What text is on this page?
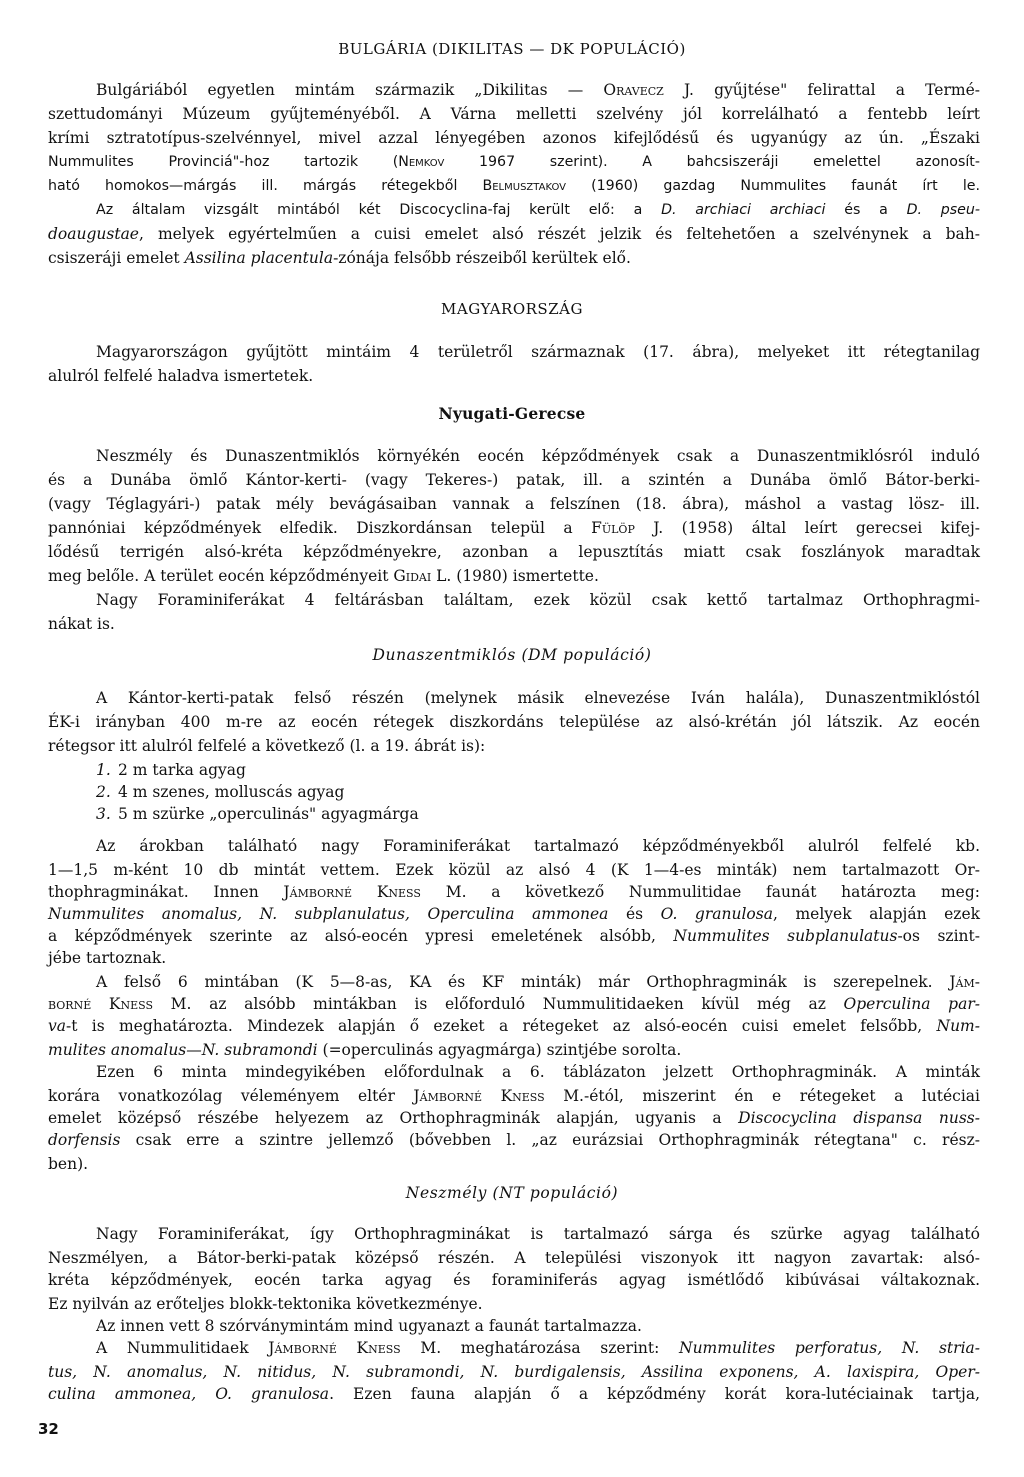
BULGÁRIA (DIKILITAS — DK POPULÁCIÓ)
Bulgáriából egyetlen mintám származik „Dikilitas — Oravecz J. gyűjtése" felirattal a Termé-
szettudományi Múzeum gyűjteményéből. A Várna melletti szelvény jól korrelálható a fentebb leírt
krími sztratotípus-szelvénnyel, mivel azzal lényegében azonos kifejlődésű és ugyanúgy az ún. „Északi
Nummulites Provinciá"-hoz tartozik (Nemkov 1967 szerint). A bahcsiszeráji emelettel azonosít-
ható homokos—márgás ill. márgás rétegekből Belmusztakov (1960) gazdag Nummulites faunát írt le.
Az általam vizsgált mintából két Discocyclina-faj került elő: a D. archiaci archiaci és a D. pseu-
doaugustae, melyek egyértelműen a cuisi emelet alsó részét jelzik és feltehetően a szelvénynek a bah-
csiszeráji emelet Assilina placentula-zónája felsőbb részeiből kerültek elő.
MAGYARORSZÁG
Magyarországon gyűjtött mintáim 4 területről származnak (17. ábra), melyeket itt rétegtanilag
alulról felfelé haladva ismertetek.
Nyugati-Gerecse
Neszmély és Dunaszentmiklós környékén eocén képződmények csak a Dunaszentmiklósról induló
és a Dunába ömlő Kántor-kerti- (vagy Tekeres-) patak, ill. a szintén a Dunába ömlő Bátor-berki-
(vagy Téglagyári-) patak mély bevágásaiban vannak a felszínen (18. ábra), máshol a vastag lösz- ill.
pannóniai képződmények elfedik. Diszkordánsan települ a Fülöp J. (1958) által leírt gerecsei kifej-
lődésű terrigén alsó-kréta képződményekre, azonban a lepusztítás miatt csak foszlányok maradtak
meg belőle. A terület eocén képződményeit Gidai L. (1980) ismertette.
Nagy Foraminiferákat 4 feltárásban találtam, ezek közül csak kettő tartalmaz Orthophragmi-
nákat is.
Dunaszentmiklós (DM populáció)
A Kántor-kerti-patak felső részén (melynek másik elnevezése Iván halála), Dunaszentmiklóstól
ÉK-i irányban 400 m-re az eocén rétegek diszkordáns települése az alsó-krétán jól látszik. Az eocén
rétegsor itt alulról felfelé a következő (l. a 19. ábrát is):
1. 2 m tarka agyag
2. 4 m szenes, molluscás agyag
3. 5 m szürke „operculinás" agyagmárga
Az árokban található nagy Foraminiferákat tartalmazó képződményekből alulról felfelé kb.
1—1,5 m-ként 10 db mintát vettem. Ezek közül az alsó 4 (K 1—4-es minták) nem tartalmazott Or-
thophragminákat. Innen Jámborné Kness M. a következő Nummulitidae faunát határozta meg:
Nummulites anomalus, N. subplanulatus, Operculina ammonea és O. granulosa, melyek alapján ezek
a képződmények szerinte az alsó-eocén ypresi emeletének alsóbb, Nummulites subplanulatus-os szint-
jébe tartoznak.
A felső 6 mintában (K 5—8-as, KA és KF minták) már Orthophragminák is szerepelnek. Jám-
borné Kness M. az alsóbb mintákban is előforduló Nummulitidaeken kívül még az Operculina par-
va-t is meghatározta. Mindezek alapján ő ezeket a rétegeket az alsó-eocén cuisi emelet felsőbb, Num-
mulites anomalus—N. subramondi (=operculinás agyagmárga) szintjébe sorolta.
Ezen 6 minta mindegyikében előfordulnak a 6. táblázaton jelzett Orthophragminák. A minták
korára vonatkozólag véleményem eltér Jámborné Kness M.-étól, miszerint én e rétegeket a lutéciai
emelet középső részébe helyezem az Orthophragminák alapján, ugyanis a Discocyclina dispansa nuss-
dorfensis csak erre a szintre jellemző (bővebben l. „az eurázsiai Orthophragminák rétegtana" c. rész-
ben).
Neszmély (NT populáció)
Nagy Foraminiferákat, így Orthophragminákat is tartalmazó sárga és szürke agyag található
Neszmélyen, a Bátor-berki-patak középső részén. A települési viszonyok itt nagyon zavartak: alsó-
kréta képződmények, eocén tarka agyag és foraminiferás agyag ismétlődő kibúvásai váltakoznak.
Ez nyilván az erőteljes blokk-tektonika következménye.
Az innen vett 8 szórványmintám mind ugyanazt a faunát tartalmazza.
A Nummulitidaek Jámborné Kness M. meghatározása szerint: Nummulites perforatus, N. stria-
tus, N. anomalus, N. nitidus, N. subramondi, N. burdigalensis, Assilina exponens, A. laxispira, Oper-
culina ammonea, O. granulosa. Ezen fauna alapján ő a képződmény korát kora-lutéciainak tartja,
32
